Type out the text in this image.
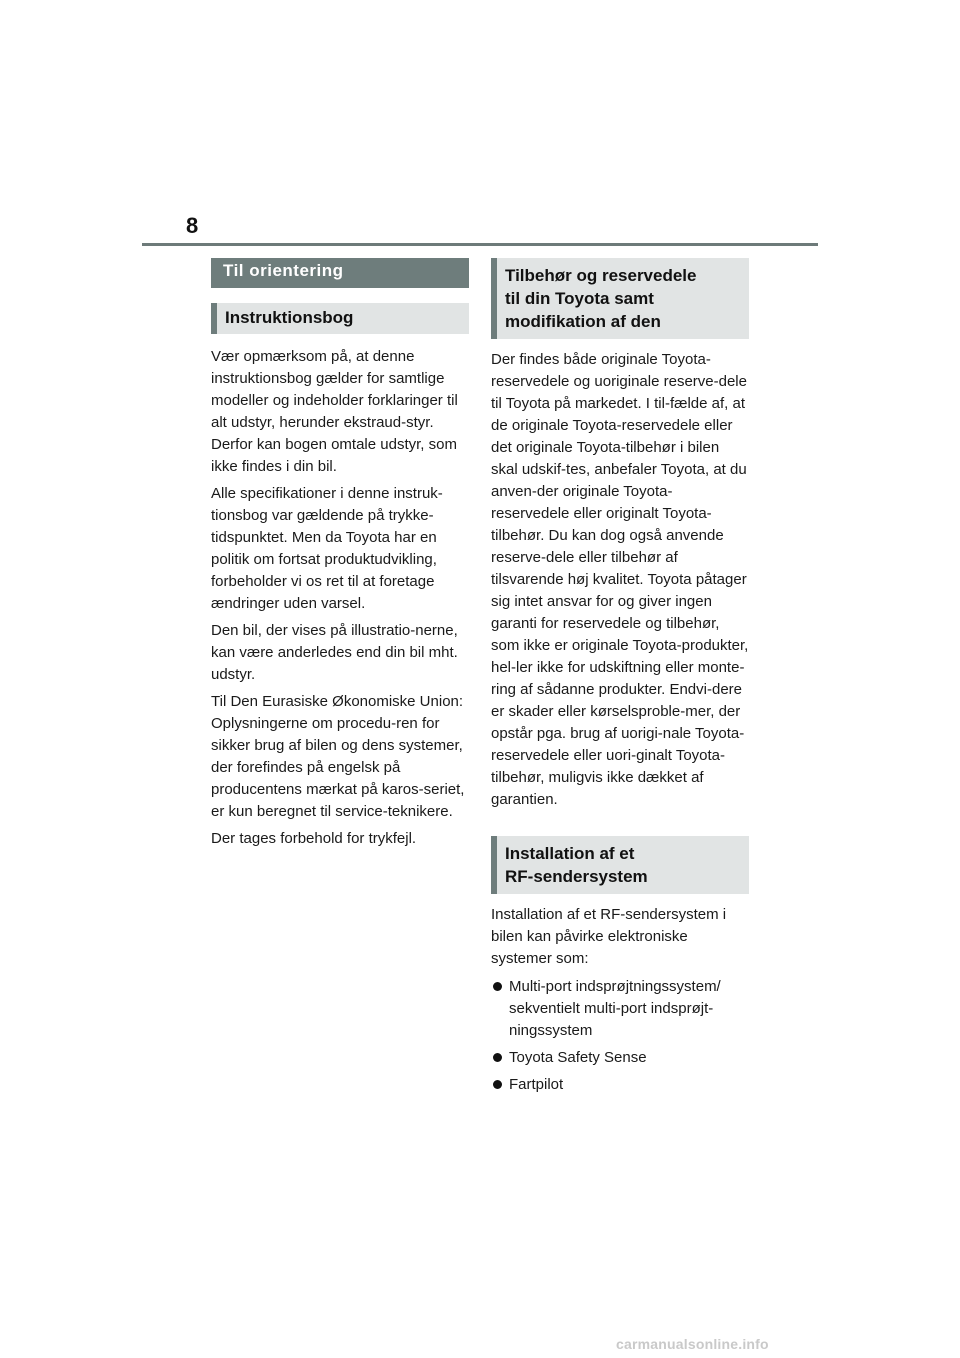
8
Til orientering
Instruktionsbog

Vær opmærksom på, at denne instruktionsbog gælder for samtlige modeller og indeholder forklaringer til alt udstyr, herunder ekstraud-styr. Derfor kan bogen omtale udstyr, som ikke findes i din bil.

Alle specifikationer i denne instruk-tionsbog var gældende på trykke-tidspunktet. Men da Toyota har en politik om fortsat produktudvikling, forbeholder vi os ret til at foretage ændringer uden varsel.

Den bil, der vises på illustratio-nerne, kan være anderledes end din bil mht. udstyr.

Til Den Eurasiske Økonomiske Union: Oplysningerne om procedu-ren for sikker brug af bilen og dens systemer, der forefindes på engelsk på producentens mærkat på karos-seriet, er kun beregnet til service-teknikere.

Der tages forbehold for trykfejl.

Tilbehør og reservedele
til din Toyota samt
modifikation af den

Der findes både originale Toyota-reservedele og uoriginale reserve-dele til Toyota på markedet. I til-fælde af, at de originale Toyota-reservedele eller det originale Toyota-tilbehør i bilen skal udskif-tes, anbefaler Toyota, at du anven-der originale Toyota-reservedele eller originalt Toyota-tilbehør. Du kan dog også anvende reserve-dele eller tilbehør af tilsvarende høj kvalitet. Toyota påtager sig intet ansvar for og giver ingen garanti for reservedele og tilbehør, som ikke er originale Toyota-produkter, hel-ler ikke for udskiftning eller monte-ring af sådanne produkter. Endvi-dere er skader eller kørselsproble-mer, der opstår pga. brug af uorigi-nale Toyota-reservedele eller uori-ginalt Toyota-tilbehør, muligvis ikke dækket af garantien.

Installation af et
RF-sendersystem

Installation af et RF-sendersystem i bilen kan påvirke elektroniske systemer som:

Multi-port indsprøjtningssystem/ sekventielt multi-port indsprøjt-ningssystem
Toyota Safety Sense
Fartpilot
carmanualsonline.info
